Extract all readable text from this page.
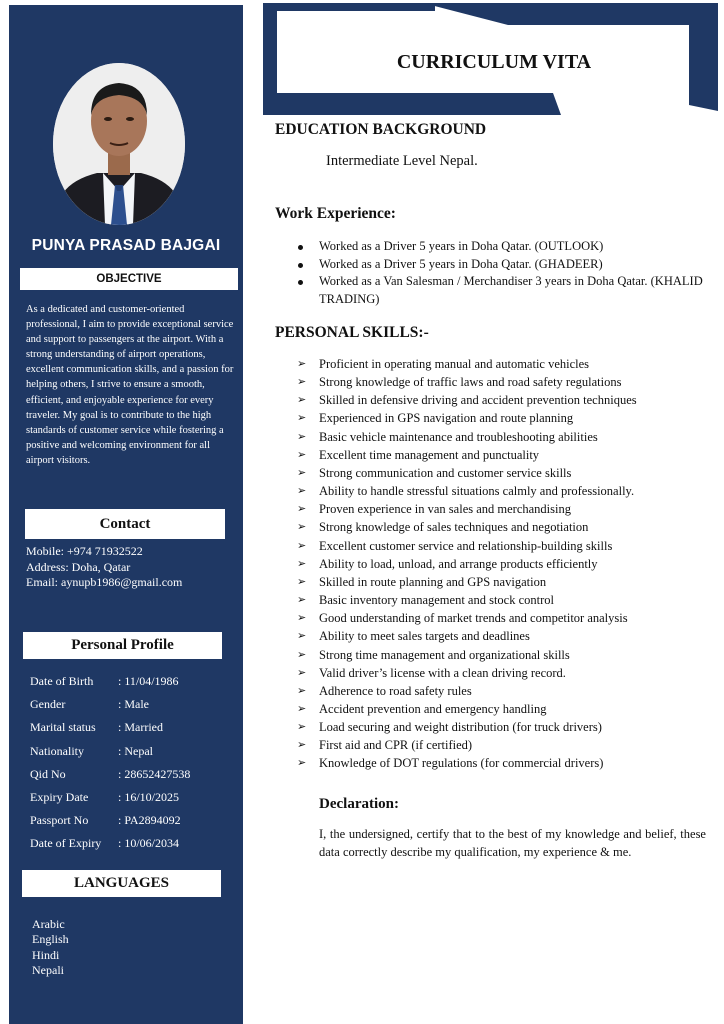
PUNYA PRASAD BAJGAI
OBJECTIVE
As a dedicated and customer-oriented professional, I aim to provide exceptional service and support to passengers at the airport. With a strong understanding of airport operations, excellent communication skills, and a passion for helping others, I strive to ensure a smooth, efficient, and enjoyable experience for every traveler. My goal is to contribute to the high standards of customer service while fostering a positive and welcoming environment for all airport visitors.
Contact
Mobile: +974 71932522
Address: Doha, Qatar
Email: aynupb1986@gmail.com
Personal Profile
Date of Birth	: 11/04/1986
Gender	: Male
Marital status	: Married
Nationality	: Nepal
Qid No	: 28652427538
Expiry Date	: 16/10/2025
Passport No	: PA2894092
Date of Expiry	: 10/06/2034
LANGUAGES
Arabic
English
Hindi
Nepali
CURRICULUM VITA
EDUCATION BACKGROUND
Intermediate Level Nepal.
Work Experience:
Worked as a Driver 5 years in Doha Qatar. (OUTLOOK)
Worked as a Driver 5 years in Doha Qatar. (GHADEER)
Worked as a Van Salesman / Merchandiser 3 years in Doha Qatar. (KHALID TRADING)
PERSONAL SKILLS:-
➢ Proficient in operating manual and automatic vehicles
➢ Strong knowledge of traffic laws and road safety regulations
➢ Skilled in defensive driving and accident prevention techniques
➢ Experienced in GPS navigation and route planning
➢ Basic vehicle maintenance and troubleshooting abilities
➢ Excellent time management and punctuality
➢ Strong communication and customer service skills
➢ Ability to handle stressful situations calmly and professionally.
➢ Proven experience in van sales and merchandising
➢ Strong knowledge of sales techniques and negotiation
➢ Excellent customer service and relationship-building skills
➢ Ability to load, unload, and arrange products efficiently
➢ Skilled in route planning and GPS navigation
➢ Basic inventory management and stock control
➢ Good understanding of market trends and competitor analysis
➢ Ability to meet sales targets and deadlines
➢ Strong time management and organizational skills
➢ Valid driver’s license with a clean driving record.
➢ Adherence to road safety rules
➢ Accident prevention and emergency handling
➢ Load securing and weight distribution (for truck drivers)
➢ First aid and CPR (if certified)
➢ Knowledge of DOT regulations (for commercial drivers)
Declaration:
I, the undersigned, certify that to the best of my knowledge and belief, these data correctly describe my qualification, my experience & me.
